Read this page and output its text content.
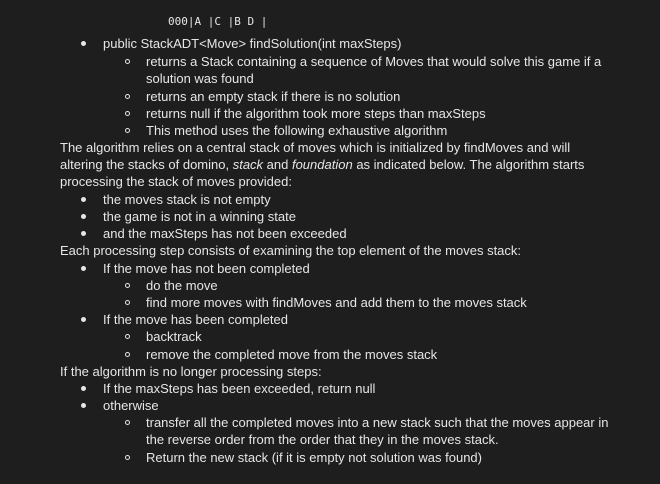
000|A |C |B D |
public StackADT<Move> findSolution(int maxSteps)
returns a Stack containing a sequence of Moves that would solve this game if a
solution was found
returns an empty stack if there is no solution
returns null if the algorithm took more steps than maxSteps
This method uses the following exhaustive algorithm
The algorithm relies on a central stack of moves which is initialized by findMoves and will
altering the stacks of domino, stack and foundation as indicated below. The algorithm starts
processing the stack of moves provided:
the moves stack is not empty
the game is not in a winning state
and the maxSteps has not been exceeded
Each processing step consists of examining the top element of the moves stack:
If the move has not been completed
do the move
find more moves with findMoves and add them to the moves stack
If the move has been completed
backtrack
remove the completed move from the moves stack
If the algorithm is no longer processing steps:
If the maxSteps has been exceeded, return null
otherwise
transfer all the completed moves into a new stack such that the moves appear in
the reverse order from the order that they in the moves stack.
Return the new stack (if it is empty not solution was found)
